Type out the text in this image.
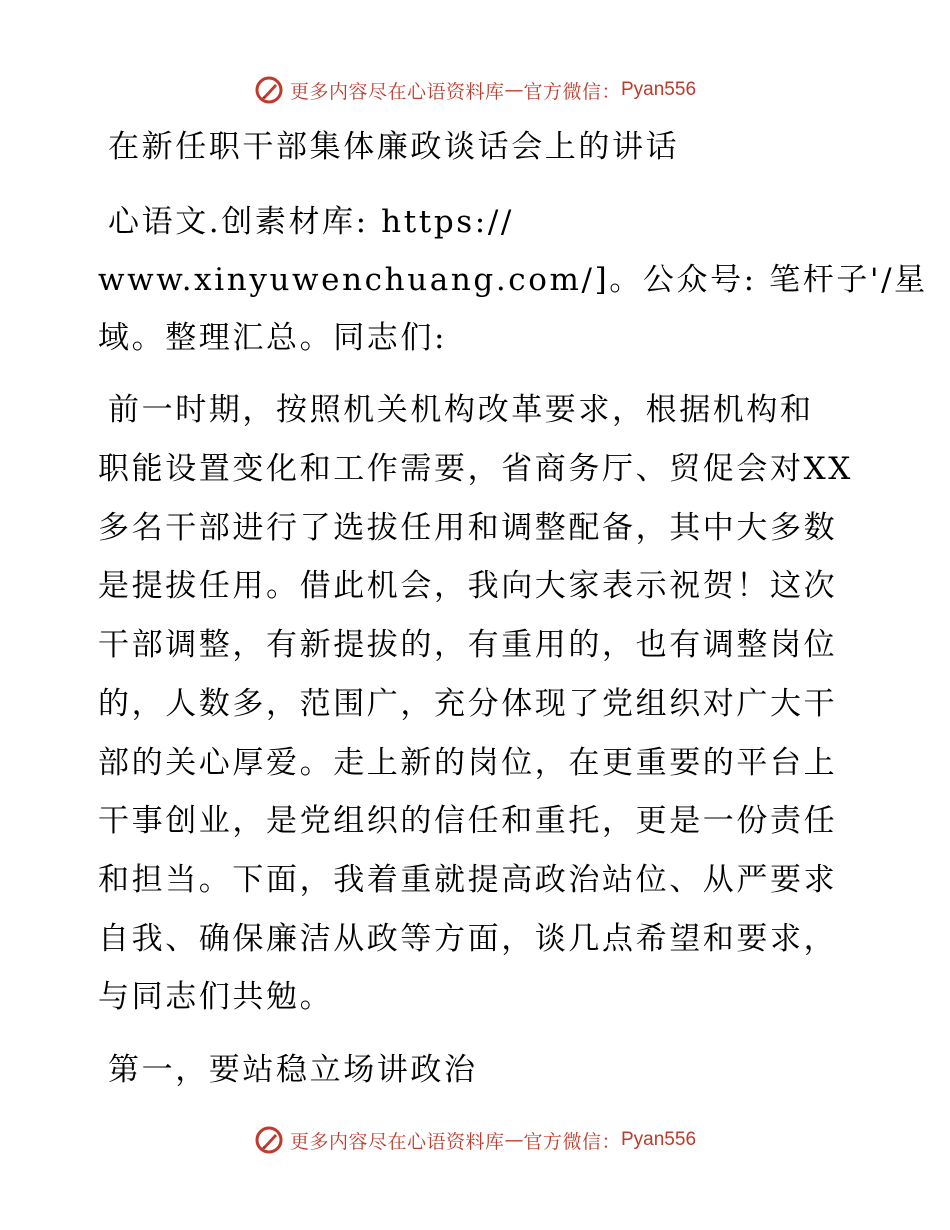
更多内容尽在心语资料库 — 官方微信： Pyan556
在新任职干部集体廉政谈话会上的讲话
心语文.创素材库: https://
www.xinyuwenchuang.com/]。公众号: 笔杆子'/星
域。整理汇总。同志们:
前一时期，按照机关机构改革要求，根据机构和
职能设置变化和工作需要，省商务厅、贸促会对XX
多名干部进行了选拔任用和调整配备，其中大多数
是提拔任用。借此机会，我向大家表示祝贺！这次
干部调整，有新提拔的，有重用的，也有调整岗位
的，人数多，范围广，充分体现了党组织对广大干
部的关心厚爱。走上新的岗位，在更重要的平台上
干事创业，是党组织的信任和重托，更是一份责任
和担当。下面，我着重就提高政治站位、从严要求
自我、确保廉洁从政等方面，谈几点希望和要求，
与同志们共勉。
第一，要站稳立场讲政治
更多内容尽在心语资料库 — 官方微信： Pyan556
